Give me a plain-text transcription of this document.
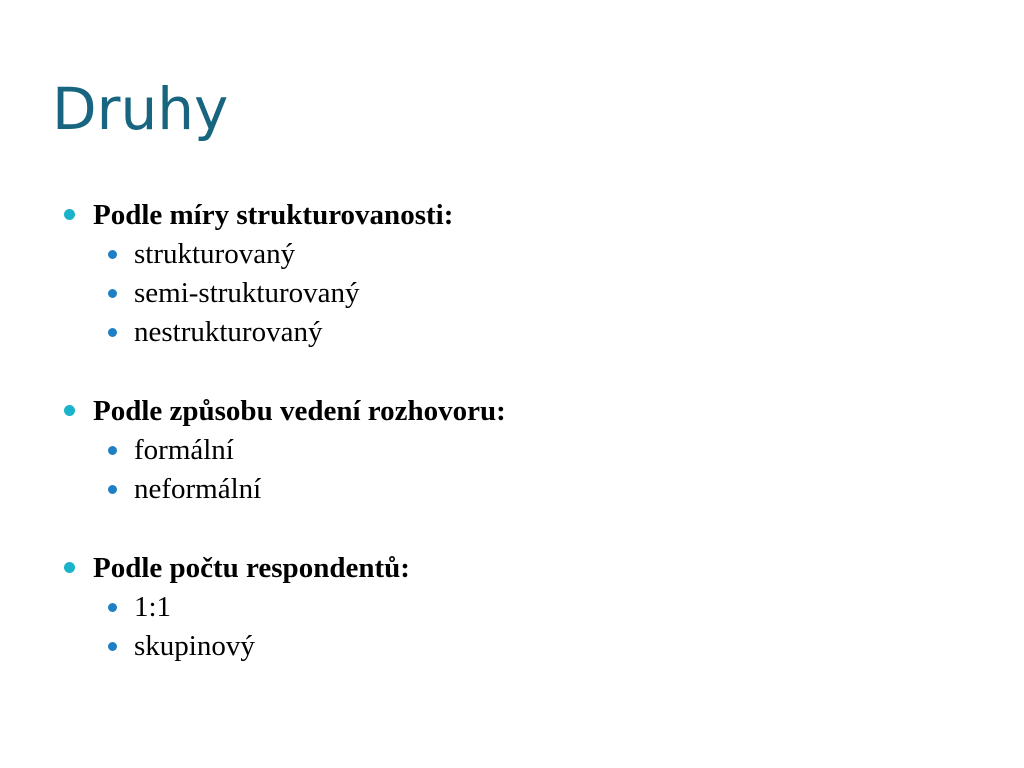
Druhy
Podle míry strukturovanosti:
strukturovaný
semi-strukturovaný
nestrukturovaný
Podle způsobu vedení rozhovoru:
formální
neformální
Podle počtu respondentů:
1:1
skupinový
